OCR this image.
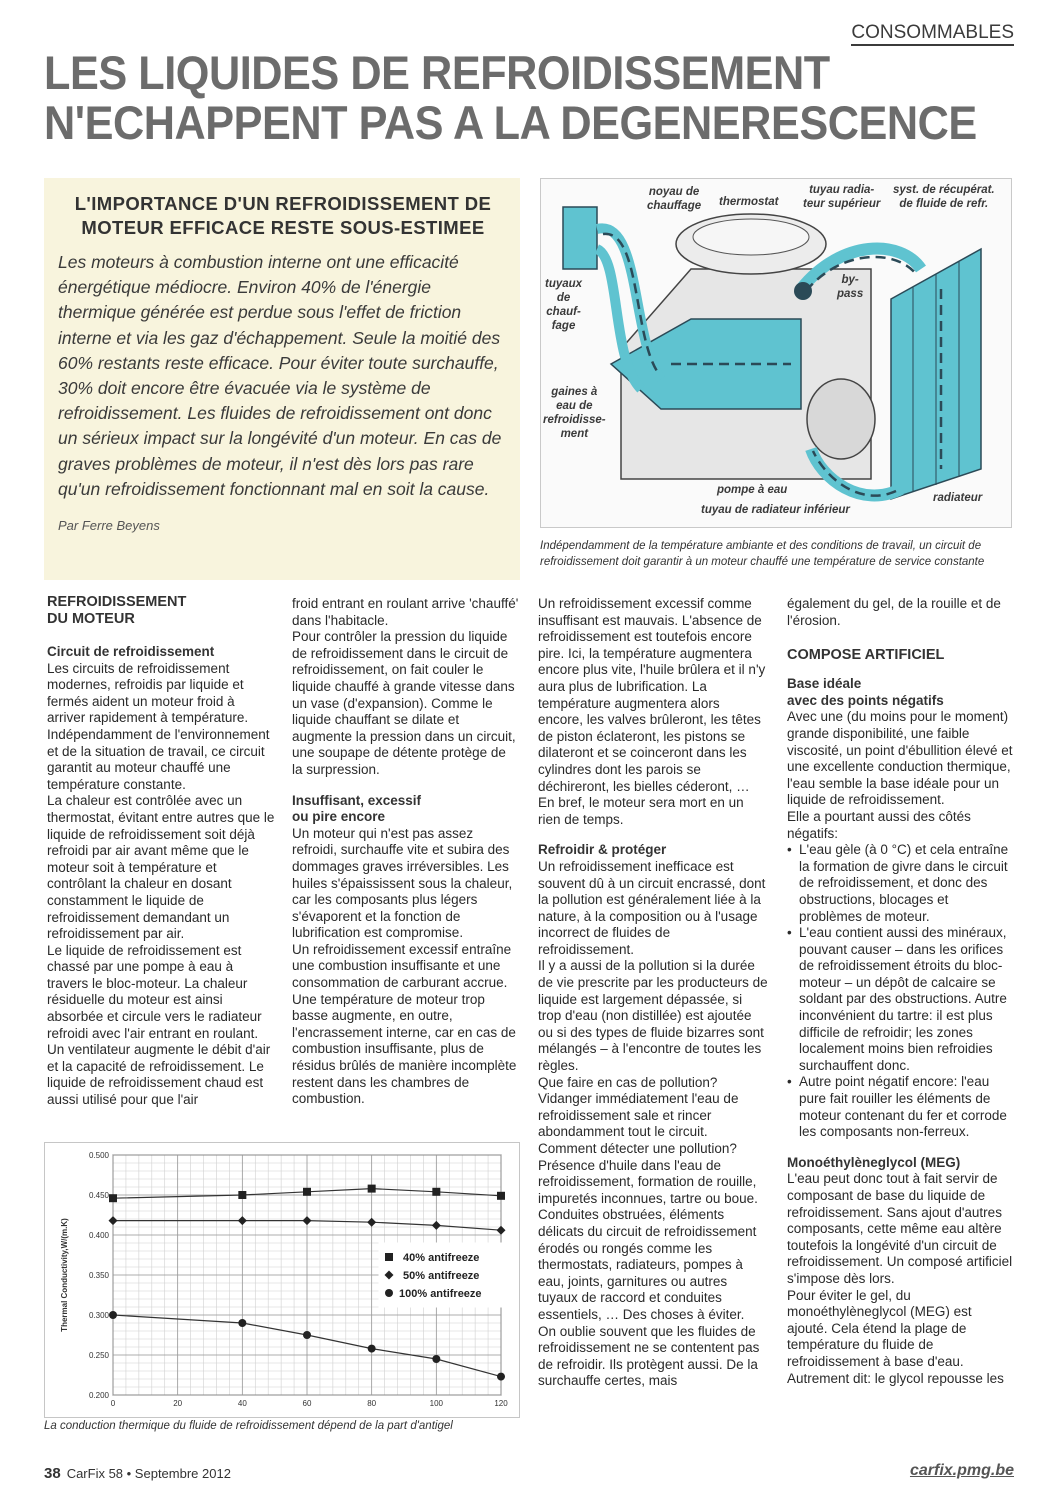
CONSOMMABLES
LES LIQUIDES DE REFROIDISSEMENT
N'ECHAPPENT PAS A LA DEGENERESCENCE
L'IMPORTANCE D'UN REFROIDISSEMENT DE MOTEUR EFFICACE RESTE SOUS-ESTIMEE
Les moteurs à combustion interne ont une efficacité énergétique médiocre. Environ 40% de l'énergie thermique générée est perdue sous l'effet de friction interne et via les gaz d'échappement. Seule la moitié des 60% restants reste efficace. Pour éviter toute surchauffe, 30% doit encore être évacuée via le système de refroidissement. Les fluides de refroidissement ont donc un sérieux impact sur la longévité d'un moteur. En cas de graves problèmes de moteur, il n'est dès lors pas rare qu'un refroidissement fonctionnant mal en soit la cause.
Par Ferre Beyens
noyau de
chauffage thermostat
tuyau radia-
teur supérieur
syst. de récupérat.
de fluide de refr.
by-
pass
tuyaux
de
chauf-
fage
gaines à
eau de
refroidisse-
ment
pompe à eau
radiateur
tuyau de radiateur inférieur
Indépendamment de la température ambiante et des conditions de travail, un circuit de refroidissement doit garantir à un moteur chauffé une température de service constante
REFROIDISSEMENT
DU MOTEUR
Circuit de refroidissement

Les circuits de refroidissement modernes, refroidis par liquide et fermés aident un moteur froid à arriver rapidement à température. Indépendamment de l'environnement et de la situation de travail, ce circuit garantit au moteur chauffé une température constante.

La chaleur est contrôlée avec un thermostat, évitant entre autres que le liquide de refroidissement soit déjà refroidi par air avant même que le moteur soit à température et contrôlant la chaleur en dosant constamment le liquide de refroidissement demandant un refroidissement par air.

Le liquide de refroidissement est chassé par une pompe à eau à travers le bloc-moteur. La chaleur résiduelle du moteur est ainsi absorbée et circule vers le radiateur refroidi avec l'air entrant en roulant. Un ventilateur augmente le débit d'air et la capacité de refroidissement. Le liquide de refroidissement chaud est aussi utilisé pour que l'air

froid entrant en roulant arrive 'chauffé' dans l'habitacle.

Pour contrôler la pression du liquide de refroidissement dans le circuit de refroidissement, on fait couler le liquide chauffé à grande vitesse dans un vase (d'expansion). Comme le liquide chauffant se dilate et augmente la pression dans un circuit, une soupape de détente protège de la surpression.

Insuffisant, excessif
ou pire encore

Un moteur qui n'est pas assez refroidi, surchauffe vite et subira des dommages graves irréversibles. Les huiles s'épaississent sous la chaleur, car les composants plus légers s'évaporent et la fonction de lubrification est compromise.

Un refroidissement excessif entraîne une combustion insuffisante et une consommation de carburant accrue. Une température de moteur trop basse augmente, en outre, l'encrassement interne, car en cas de combustion insuffisante, plus de résidus brûlés de manière incomplète restent dans les chambres de combustion.

Un refroidissement excessif comme insuffisant est mauvais. L'absence de refroidissement est toutefois encore pire. Ici, la température augmentera encore plus vite, l'huile brûlera et il n'y aura plus de lubrification. La température augmentera alors encore, les valves brûleront, les têtes de piston éclateront, les pistons se dilateront et se coinceront dans les cylindres dont les parois se déchireront, les bielles céderont, … En bref, le moteur sera mort en un rien de temps.

Refroidir & protéger

Un refroidissement inefficace est souvent dû à un circuit encrassé, dont la pollution est généralement liée à la nature, à la composition ou à l'usage incorrect de fluides de refroidissement.

Il y a aussi de la pollution si la durée de vie prescrite par les producteurs de liquide est largement dépassée, si trop d'eau (non distillée) est ajoutée ou si des types de fluide bizarres sont mélangés – à l'encontre de toutes les règles.

Que faire en cas de pollution? Vidanger immédiatement l'eau de refroidissement sale et rincer abondamment tout le circuit.

Comment détecter une pollution? Présence d'huile dans l'eau de refroidissement, formation de rouille, impuretés inconnues, tartre ou boue. Conduites obstruées, éléments délicats du circuit de refroidissement érodés ou rongés comme les thermostats, radiateurs, pompes à eau, joints, garnitures ou autres tuyaux de raccord et conduites essentiels, … Des choses à éviter.

On oublie souvent que les fluides de refroidissement ne se contentent pas de refroidir. Ils protègent aussi. De la surchauffe certes, mais

également du gel, de la rouille et de l'érosion.

COMPOSE ARTIFICIEL
Base idéale
avec des points négatifs

Avec une (du moins pour le moment) grande disponibilité, une faible viscosité, un point d'ébullition élevé et une excellente conduction thermique, l'eau semble la base idéale pour un liquide de refroidissement.

Elle a pourtant aussi des côtés négatifs:

• L'eau gèle (à 0 °C) et cela entraîne la formation de givre dans le circuit de refroidissement, et donc des obstructions, blocages et problèmes de moteur.
• L'eau contient aussi des minéraux, pouvant causer – dans les orifices de refroidissement étroits du bloc-moteur – un dépôt de calcaire se soldant par des obstructions. Autre inconvénient du tartre: il est plus difficile de refroidir; les zones localement moins bien refroidies surchauffent donc.
• Autre point négatif encore: l'eau pure fait rouiller les éléments de moteur contenant du fer et corrode les composants non-ferreux.
Monoéthylèneglycol (MEG)

L'eau peut donc tout à fait servir de composant de base du liquide de refroidissement. Sans ajout d'autres composants, cette même eau altère toutefois la longévité d'un circuit de refroidissement. Un composé artificiel s'impose dès lors.

Pour éviter le gel, du monoéthylèneglycol (MEG) est ajouté. Cela étend la plage de température du fluide de refroidissement à base d'eau. Autrement dit: le glycol repousse les

0.200
0.250
0.300
0.350
0.400
0.450
0.500
0	20	40	60	80	100	120
Thermal Conductivity,W/(m.K)	40% antifreeze
50% antifreeze
100% antifreeze
La conduction thermique du fluide de refroidissement dépend de la part d'antigel
38 CarFix 58 • Septembre 2012	carfix.pmg.be
